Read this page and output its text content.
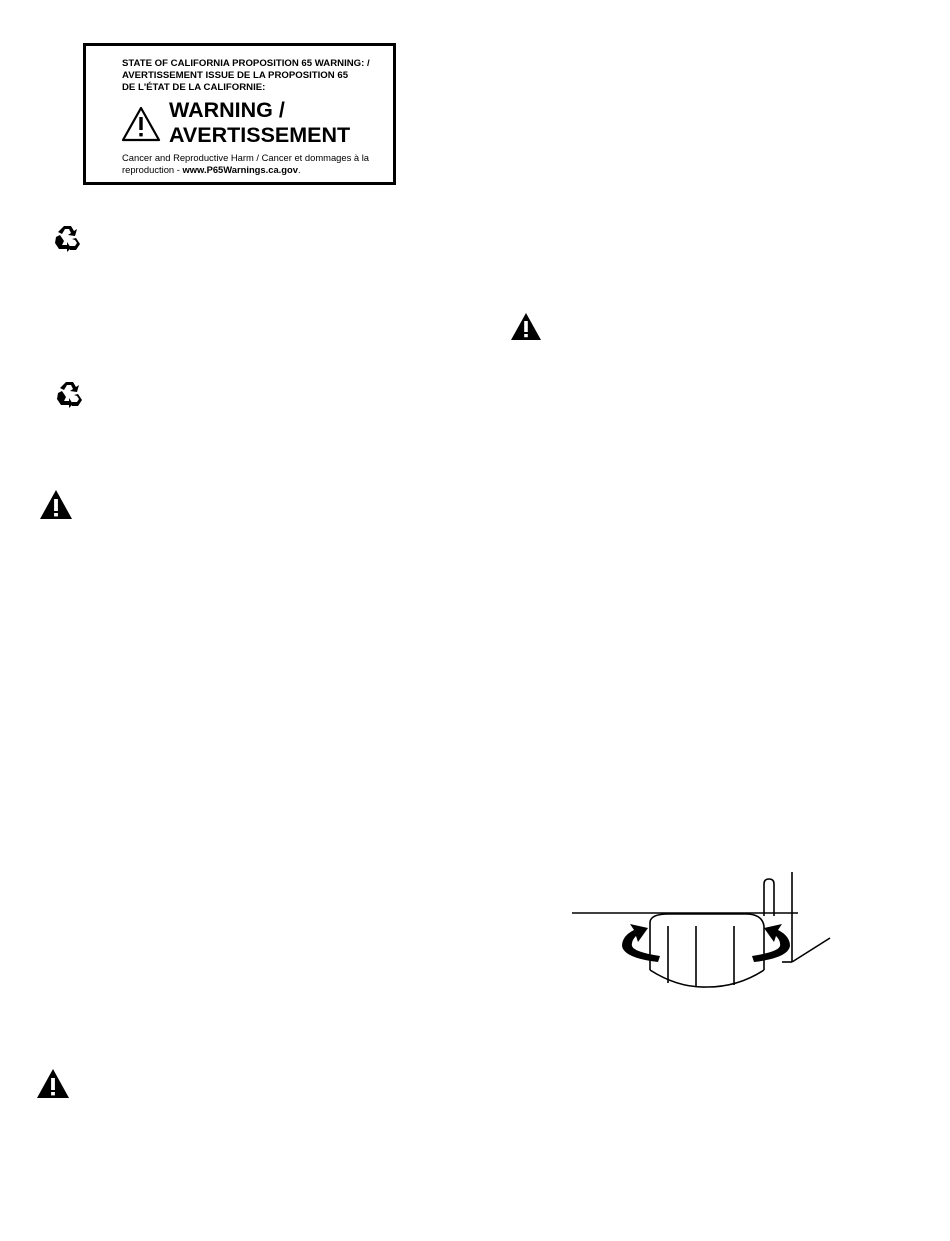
STATE OF CALIFORNIA PROPOSITION 65 WARNING: /
AVERTISSEMENT ISSUE DE LA PROPOSITION 65
DE L'ÉTAT DE LA CALIFORNIE:
WARNING /
AVERTISSEMENT
Cancer and Reproductive Harm / Cancer et dommages à la
reproduction - www.P65Warnings.ca.gov.
